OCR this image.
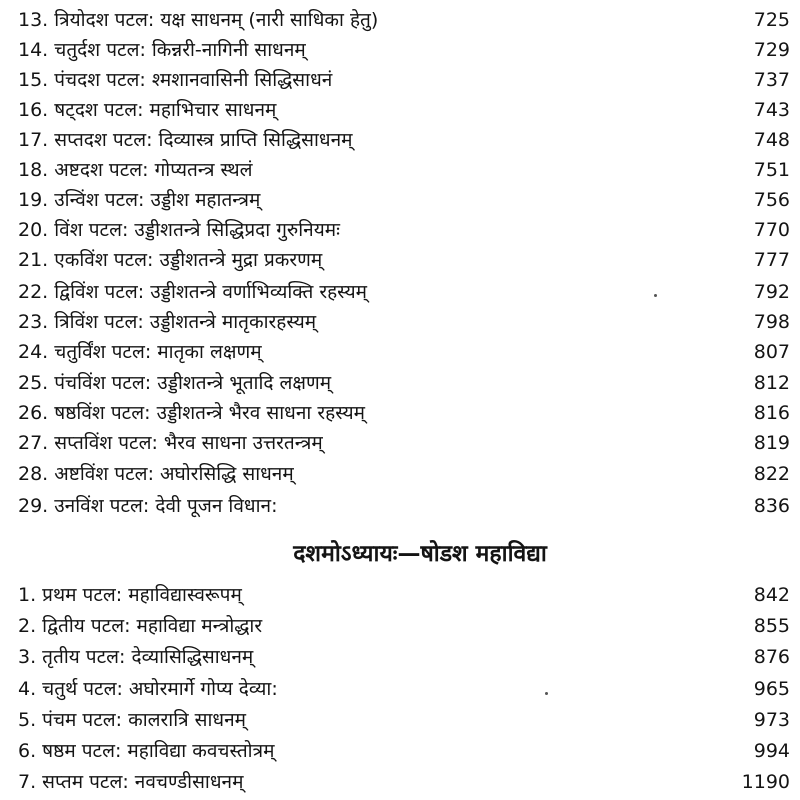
13. त्रियोदश पटल: यक्ष साधनम् (नारी साधिका हेतु)	725
14. चतुर्दश पटल: किन्नरी-नागिनी साधनम्	729
15. पंचदश पटल: श्मशानवासिनी सिद्धिसाधनं	737
16. षट्दश पटल: महाभिचार साधनम्	743
17. सप्तदश पटल: दिव्यास्त्र प्राप्ति सिद्धिसाधनम्	748
18. अष्टदश पटल: गोप्यतन्त्र स्थलं	751
19. उन्विंश पटल: उड्डीश महातन्त्रम्	756
20. विंश पटल: उड्डीशतन्त्रे सिद्धिप्रदा गुरुनियमः	770
21. एकविंश पटल: उड्डीशतन्त्रे मुद्रा प्रकरणम्	777
22. द्विविंश पटल: उड्डीशतन्त्रे वर्णाभिव्यक्ति रहस्यम्	792
23. त्रिविंश पटल: उड्डीशतन्त्रे मातृकारहस्यम्	798
24. चतुर्विंश पटल: मातृका लक्षणम्	807
25. पंचविंश पटल: उड्डीशतन्त्रे भूतादि लक्षणम्	812
26. षष्ठविंश पटल: उड्डीशतन्त्रे भैरव साधना रहस्यम्	816
27. सप्तविंश पटल: भैरव साधना उत्तरतन्त्रम्	819
28. अष्टविंश पटल: अघोरसिद्धि साधनम्	822
29. उनविंश पटल: देवी पूजन विधान:	836
दशमोऽध्यायः—षोडश महाविद्या
1. प्रथम पटल: महाविद्यास्वरूपम्	842
2. द्वितीय पटल: महाविद्या मन्त्रोद्धार	855
3. तृतीय पटल: देव्यासिद्धिसाधनम्	876
4. चतुर्थ पटल: अघोरमार्गे गोप्य देव्या:	965
5. पंचम पटल: कालरात्रि साधनम्	973
6. षष्ठम पटल: महाविद्या कवचस्तोत्रम्	994
7. सप्तम पटल: नवचण्डीसाधनम्	1190
